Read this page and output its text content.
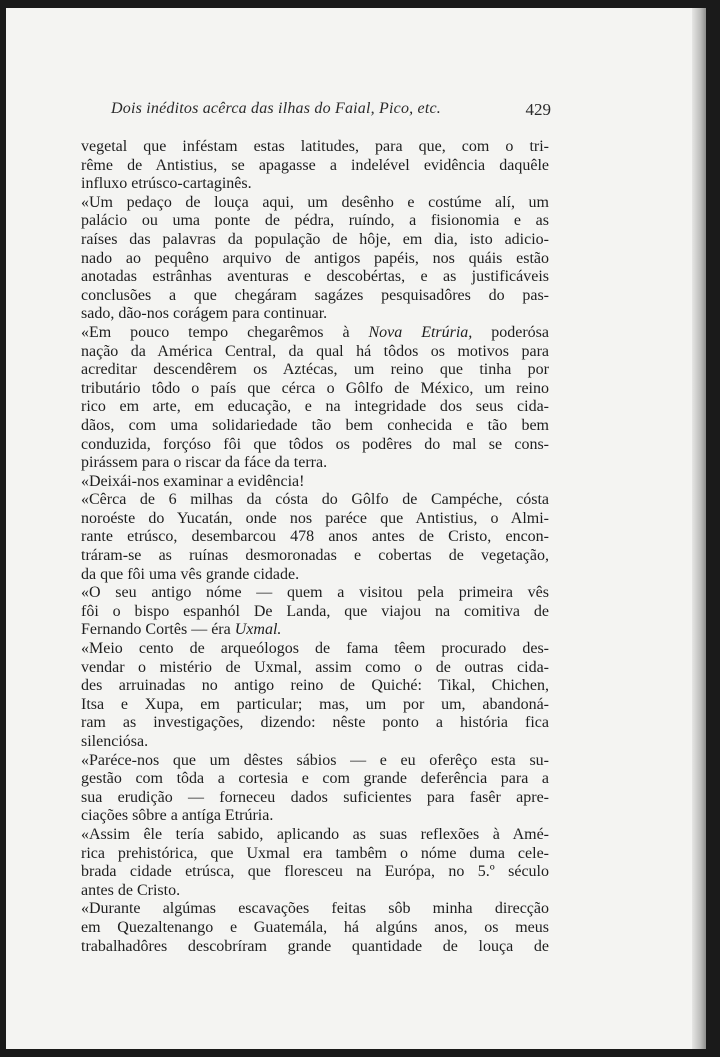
Dois inéditos acêrca das ilhas do Faial, Pico, etc.	429

vegetal que inféstam estas latitudes, para que, com o tri-
rême de Antistius, se apagasse a indelével evidência daquêle
influxo etrúsco-cartaginês.

«Um pedaço de louça aqui, um desênho e costúme alí, um
palácio ou uma ponte de pédra, ruíndo, a fisionomia e as
raíses das palavras da população de hôje, em dia, isto adicio-
nado ao pequêno arquivo de antigos papéis, nos quáis estão
anotadas estrânhas aventuras e descobértas, e as justificáveis
conclusões a que chegáram sagázes pesquisadôres do pas-
sado, dão-nos corágem para continuar.

«Em pouco tempo chegarêmos à Nova Etrúria, poderósa
nação da América Central, da qual há tôdos os motivos para
acreditar descendêrem os Aztécas, um reino que tinha por
tributário tôdo o país que cérca o Gôlfo de México, um reino
rico em arte, em educação, e na integridade dos seus cida-
dãos, com uma solidariedade tão bem conhecida e tão bem
conduzida, forçóso fôi que tôdos os podêres do mal se cons-
pirássem para o riscar da fáce da terra.

«Deixái-nos examinar a evidência!

«Cêrca de 6 milhas da cósta do Gôlfo de Campéche, cósta
noroéste do Yucatán, onde nos paréce que Antistius, o Almi-
rante etrúsco, desembarcou 478 anos antes de Cristo, encon-
tráram-se as ruínas desmoronadas e cobertas de vegetação,
da que fôi uma vês grande cidade.

«O seu antigo nóme — quem a visitou pela primeira vês
fôi o bispo espanhól De Landa, que viajou na comitiva de
Fernando Cortês — éra Uxmal.

«Meio cento de arqueólogos de fama têem procurado des-
vendar o mistério de Uxmal, assim como o de outras cida-
des arruinadas no antigo reino de Quiché: Tikal, Chichen,
Itsa e Xupa, em particular; mas, um por um, abandoná-
ram as investigações, dizendo: nêste ponto a história fica
silenciósa.

«Paréce-nos que um dêstes sábios — e eu oferêço esta su-
gestão com tôda a cortesia e com grande deferência para a
sua erudição — forneceu dados suficientes para fasêr apre-
ciações sôbre a antíga Etrúria.

«Assim êle tería sabido, aplicando as suas reflexões à Amé-
rica prehistórica, que Uxmal era tambêm o nóme duma cele-
brada cidade etrúsca, que floresceu na Európa, no 5.º século
antes de Cristo.

«Durante algúmas escavações feitas sôb minha direcção
em Quezaltenango e Guatemála, há algúns anos, os meus
trabalhadôres descobríram grande quantidade de louça de
